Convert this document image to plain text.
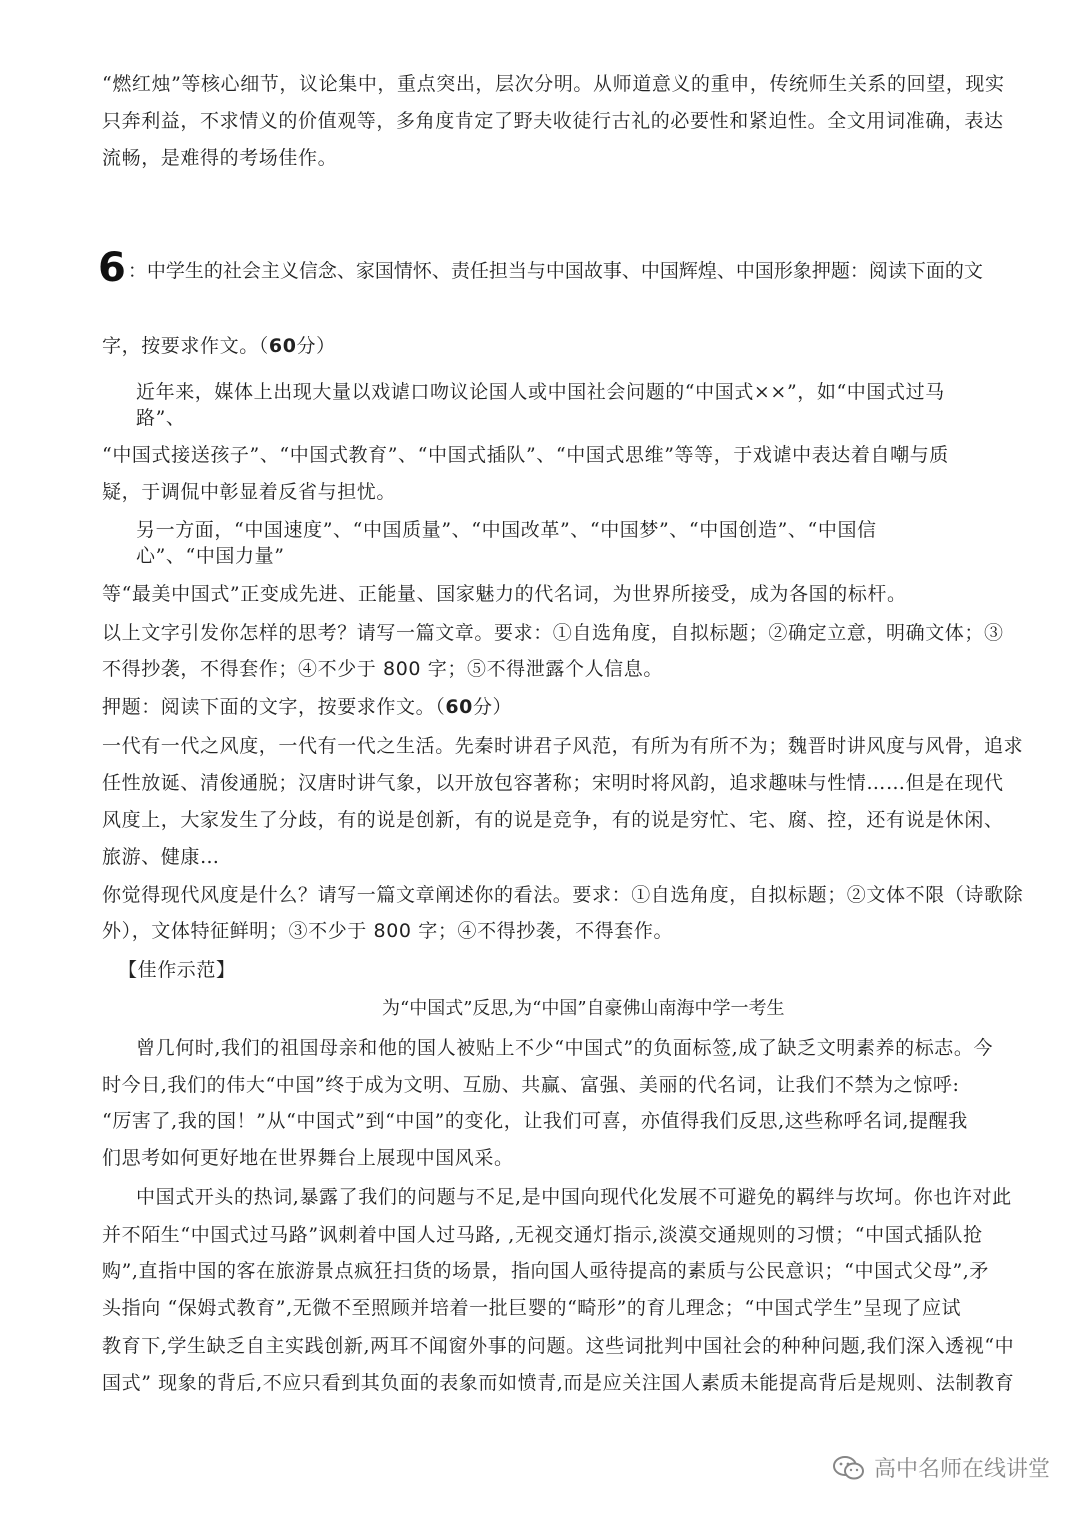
“燃红烛”等核心细节，议论集中，重点突出，层次分明。从师道意义的重申，传统师生关系的回望，现实
只奔利益，不求情义的价值观等，多角度肯定了野夫收徒行古礼的必要性和紧迫性。全文用词准确，表达
流畅，是难得的考场佳作。
6 ：中学生的社会主义信念、家国情怀、责任担当与中国故事、中国辉煌、中国形象押题：阅读下面的文
字，按要求作文。（60分）
近年来，媒体上出现大量以戏谑口吻议论国人或中国社会问题的“中国式××”，如“中国式过马
路”、
“中国式接送孩子”、“中国式教育”、“中国式插队”、“中国式思维”等等，于戏谑中表达着自嘲与质
疑，于调侃中彰显着反省与担忧。
另一方面，“中国速度”、“中国质量”、“中国改革”、“中国梦”、“中国创造”、“中国信
心”、“中国力量”
等“最美中国式”正变成先进、正能量、国家魅力的代名词，为世界所接受，成为各国的标杆。
以上文字引发你怎样的思考？请写一篇文章。要求：①自选角度，自拟标题；②确定立意，明确文体；③
不得抄袭，不得套作；④不少于 800 字；⑤不得泄露个人信息。
押题：阅读下面的文字，按要求作文。（60分）
一代有一代之风度，一代有一代之生活。先秦时讲君子风范，有所为有所不为；魏晋时讲风度与风骨，追求
任性放诞、清俊通脱；汉唐时讲气象，以开放包容著称；宋明时将风韵，追求趣味与性情……但是在现代
风度上，大家发生了分歧，有的说是创新，有的说是竞争，有的说是穷忙、宅、腐、控，还有说是休闲、
旅游、健康…
你觉得现代风度是什么？请写一篇文章阐述你的看法。要求：①自选角度，自拟标题；②文体不限（诗歌除
外），文体特征鲜明；③不少于 800 字；④不得抄袭，不得套作。
【佳作示范】
为“中国式”反思,为“中国”自豪佛山南海中学一考生
曾几何时,我们的祖国母亲和他的国人被贴上不少“中国式”的负面标签,成了缺乏文明素养的标志。今
时今日,我们的伟大“中国”终于成为文明、互励、共赢、富强、美丽的代名词，让我们不禁为之惊呼:
“厉害了,我的国！”从“中国式”到“中国”的变化，让我们可喜，亦值得我们反思,这些称呼名词,提醒我
们思考如何更好地在世界舞台上展现中国风采。
中国式开头的热词,暴露了我们的问题与不足,是中国向现代化发展不可避免的羁绊与坎坷。你也许对此
并不陌生“中国式过马路”讽刺着中国人过马路, ,无视交通灯指示,淡漠交通规则的习惯；“中国式插队抢
购”,直指中国的客在旅游景点疯狂扫货的场景，指向国人亟待提高的素质与公民意识；“中国式父母”,矛
头指向 “保姆式教育”,无微不至照顾并培着一批巨婴的“畸形”的育儿理念；“中国式学生”呈现了应试
教育下,学生缺乏自主实践创新,两耳不闻窗外事的问题。这些词批判中国社会的种种问题,我们深入透视“中
国式” 现象的背后,不应只看到其负面的表象而如愤青,而是应关注国人素质未能提高背后是规则、法制教育
高中名师在线讲堂
